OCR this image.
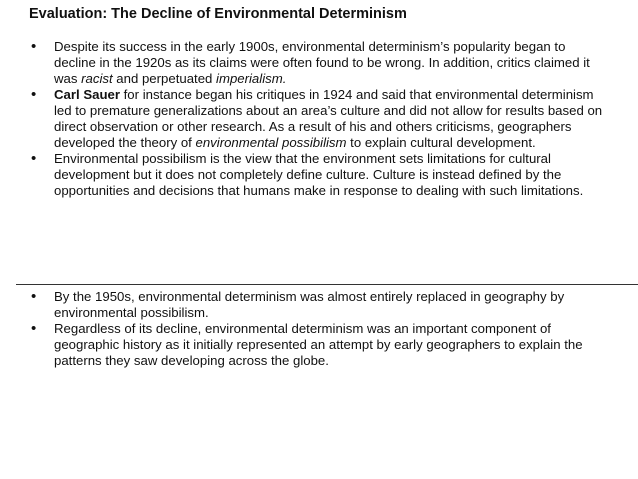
Evaluation: The Decline of Environmental Determinism
• Despite its success in the early 1900s, environmental determinism’s popularity began to decline in the 1920s as its claims were often found to be wrong. In addition, critics claimed it was racist and perpetuated imperialism.
• Carl Sauer for instance began his critiques in 1924 and said that environmental determinism led to premature generalizations about an area’s culture and did not allow for results based on direct observation or other research. As a result of his and others criticisms, geographers developed the theory of environmental possibilism to explain cultural development.
• Environmental possibilism is the view that the environment sets limitations for cultural development but it does not completely define culture. Culture is instead defined by the opportunities and decisions that humans make in response to dealing with such limitations.
• By the 1950s, environmental determinism was almost entirely replaced in geography by environmental possibilism.
• Regardless of its decline, environmental determinism was an important component of geographic history as it initially represented an attempt by early geographers to explain the patterns they saw developing across the globe.
